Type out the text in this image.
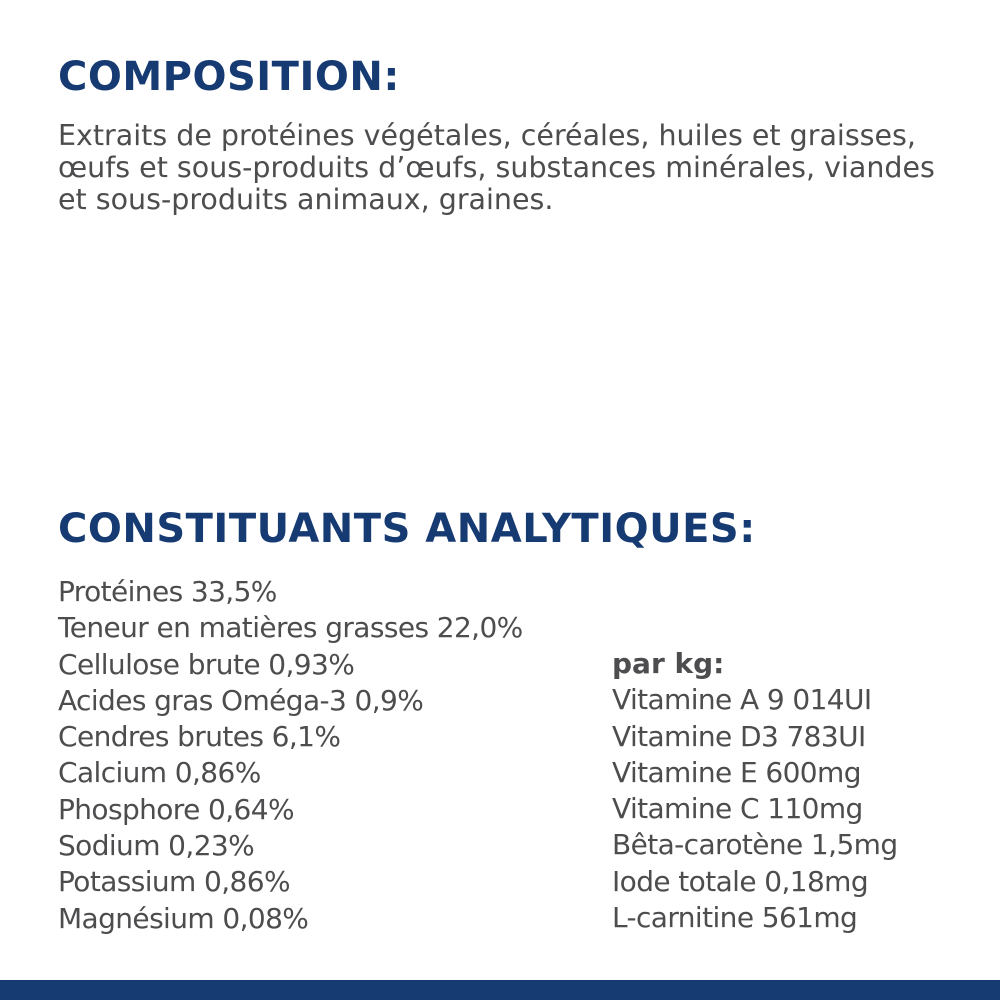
COMPOSITION:

Extraits de protéines végétales, céréales, huiles et graisses, œufs et sous-produits d’œufs, substances minérales, viandes et sous-produits animaux, graines.

CONSTITUANTS ANALYTIQUES:
Protéines 33,5%
Teneur en matières grasses 22,0%
Cellulose brute 0,93%
Acides gras Oméga-3 0,9%
Cendres brutes 6,1%
Calcium 0,86%
Phosphore 0,64%
Sodium 0,23%
Potassium 0,86%
Magnésium 0,08%
par kg:
Vitamine A 9 014UI
Vitamine D3 783UI
Vitamine E 600mg
Vitamine C 110mg
Bêta-carotène 1,5mg
Iode totale 0,18mg
L-carnitine 561mg
